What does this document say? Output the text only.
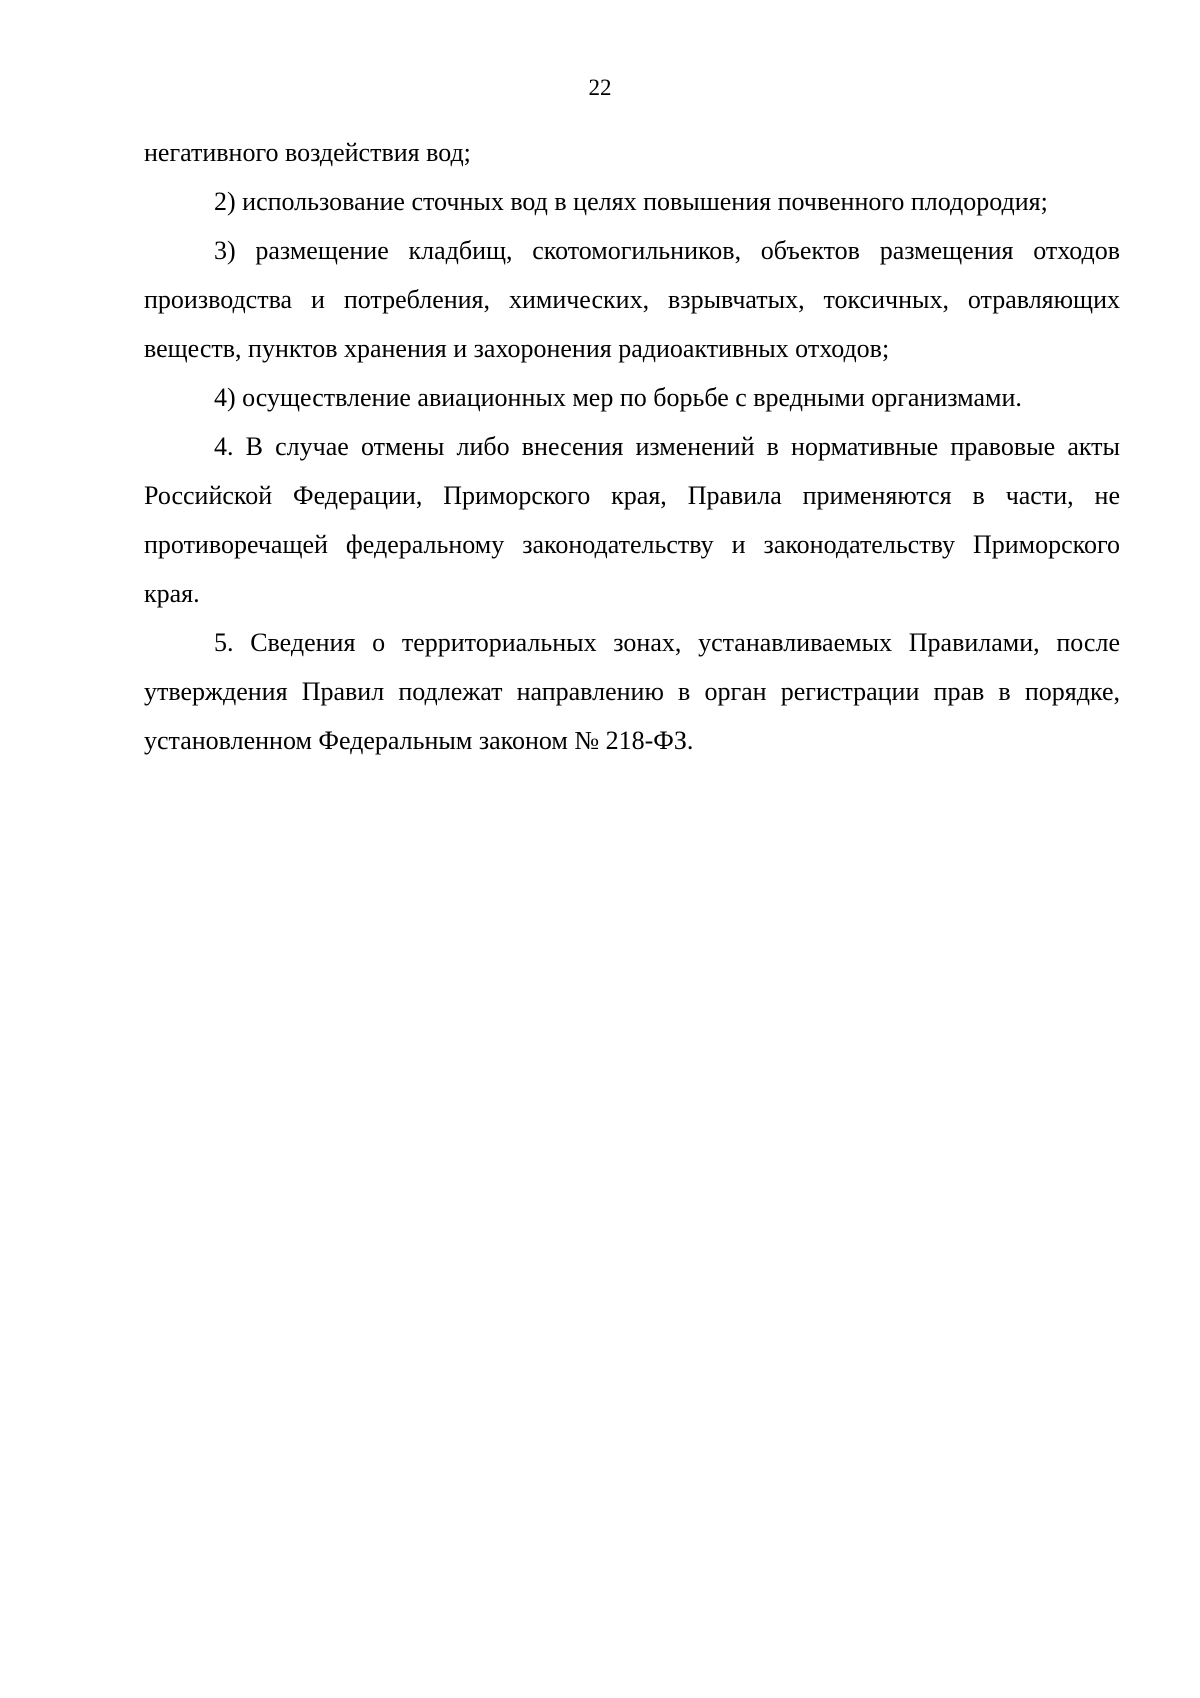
22

негативного воздействия вод;

2) использование сточных вод в целях повышения почвенного плодородия;

3) размещение кладбищ, скотомогильников, объектов размещения отходов производства и потребления, химических, взрывчатых, токсичных, отравляющих веществ, пунктов хранения и захоронения радиоактивных отходов;

4) осуществление авиационных мер по борьбе с вредными организмами.

4. В случае отмены либо внесения изменений в нормативные правовые акты Российской Федерации, Приморского края, Правила применяются в части, не противоречащей федеральному законодательству и законодательству Приморского края.

5. Сведения о территориальных зонах, устанавливаемых Правилами, после утверждения Правил подлежат направлению в орган регистрации прав в порядке, установленном Федеральным законом № 218-ФЗ.
